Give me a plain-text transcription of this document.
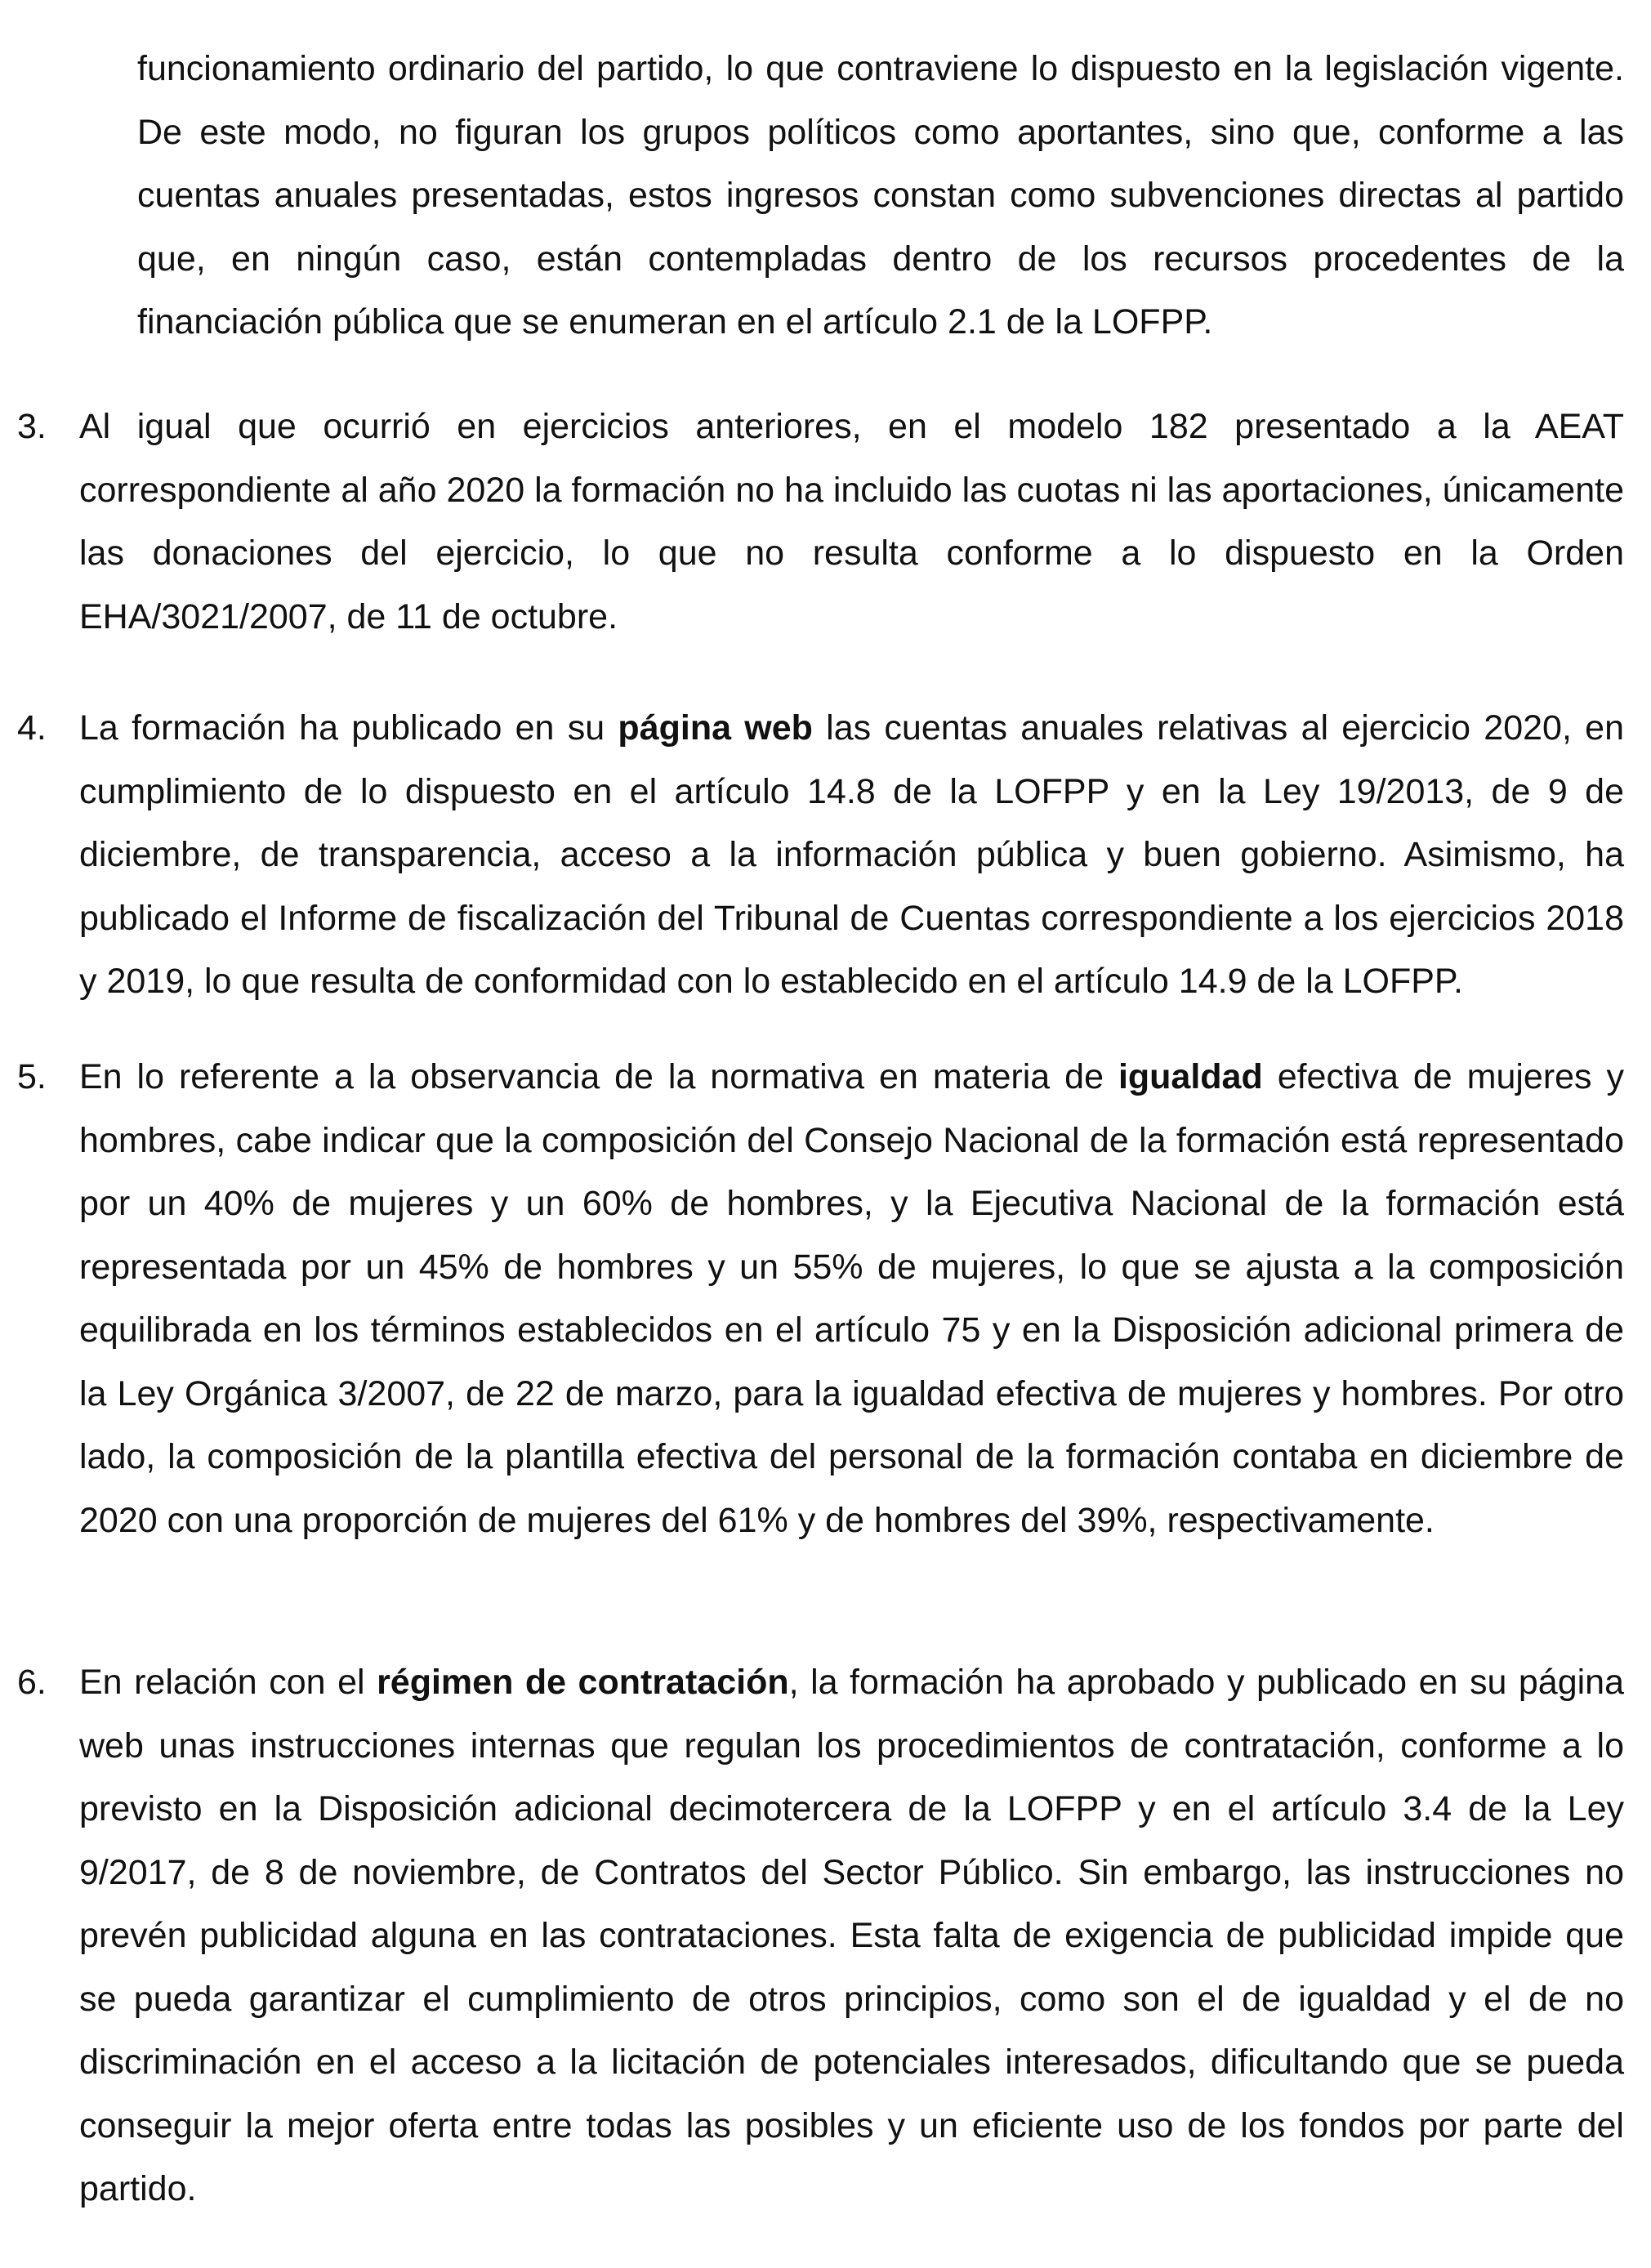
funcionamiento ordinario del partido, lo que contraviene lo dispuesto en la legislación vigente. De este modo, no figuran los grupos políticos como aportantes, sino que, conforme a las cuentas anuales presentadas, estos ingresos constan como subvenciones directas al partido que, en ningún caso, están contempladas dentro de los recursos procedentes de la financiación pública que se enumeran en el artículo 2.1 de la LOFPP.

3. Al igual que ocurrió en ejercicios anteriores, en el modelo 182 presentado a la AEAT correspondiente al año 2020 la formación no ha incluido las cuotas ni las aportaciones, únicamente las donaciones del ejercicio, lo que no resulta conforme a lo dispuesto en la Orden EHA/3021/2007, de 11 de octubre.
4. La formación ha publicado en su página web las cuentas anuales relativas al ejercicio 2020, en cumplimiento de lo dispuesto en el artículo 14.8 de la LOFPP y en la Ley 19/2013, de 9 de diciembre, de transparencia, acceso a la información pública y buen gobierno. Asimismo, ha publicado el Informe de fiscalización del Tribunal de Cuentas correspondiente a los ejercicios 2018 y 2019, lo que resulta de conformidad con lo establecido en el artículo 14.9 de la LOFPP.
5. En lo referente a la observancia de la normativa en materia de igualdad efectiva de mujeres y hombres, cabe indicar que la composición del Consejo Nacional de la formación está representado por un 40% de mujeres y un 60% de hombres, y la Ejecutiva Nacional de la formación está representada por un 45% de hombres y un 55% de mujeres, lo que se ajusta a la composición equilibrada en los términos establecidos en el artículo 75 y en la Disposición adicional primera de la Ley Orgánica 3/2007, de 22 de marzo, para la igualdad efectiva de mujeres y hombres. Por otro lado, la composición de la plantilla efectiva del personal de la formación contaba en diciembre de 2020 con una proporción de mujeres del 61% y de hombres del 39%, respectivamente.
6. En relación con el régimen de contratación, la formación ha aprobado y publicado en su página web unas instrucciones internas que regulan los procedimientos de contratación, conforme a lo previsto en la Disposición adicional decimotercera de la LOFPP y en el artículo 3.4 de la Ley 9/2017, de 8 de noviembre, de Contratos del Sector Público. Sin embargo, las instrucciones no prevén publicidad alguna en las contrataciones. Esta falta de exigencia de publicidad impide que se pueda garantizar el cumplimiento de otros principios, como son el de igualdad y el de no discriminación en el acceso a la licitación de potenciales interesados, dificultando que se pueda conseguir la mejor oferta entre todas las posibles y un eficiente uso de los fondos por parte del partido.
